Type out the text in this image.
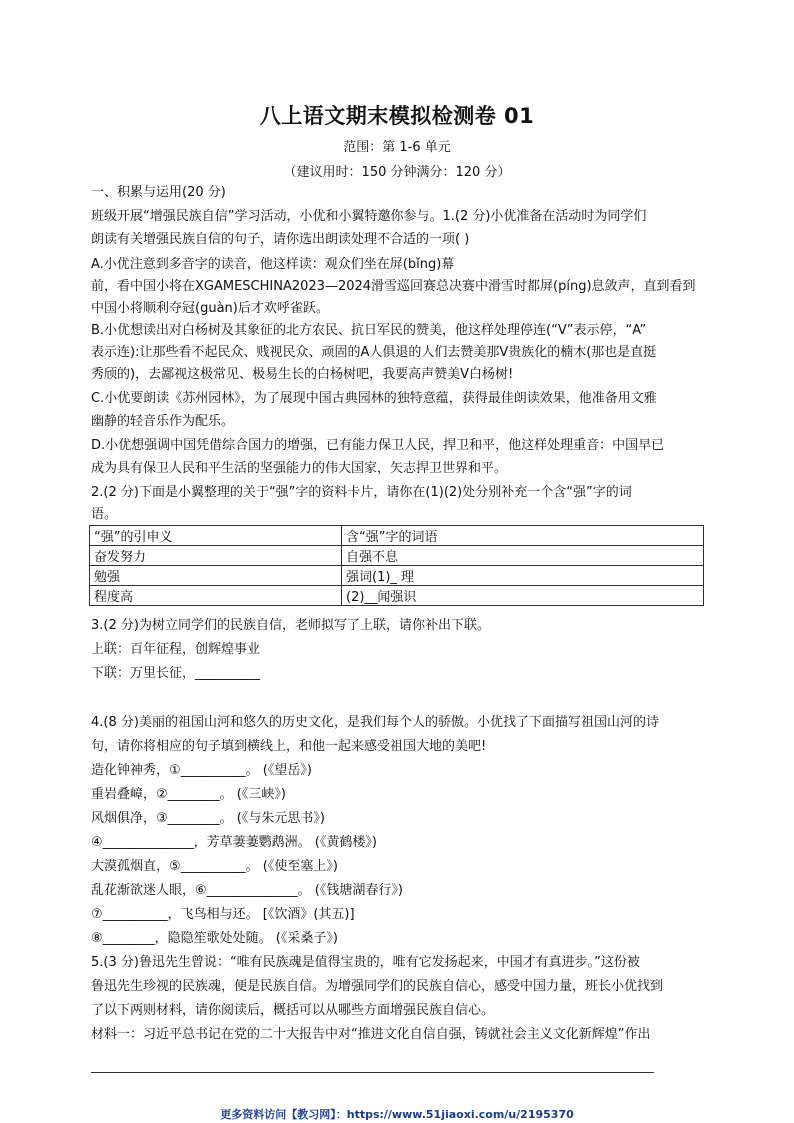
八上语文期末模拟检测卷 01
范围：第 1-6 单元
（建议用时：150 分钟满分：120 分）
一、积累与运用(20 分)
班级开展“增强民族自信”学习活动，小优和小翼特邀你参与。1.(2 分)小优准备在活动时为同学们
朗读有关增强民族自信的句子，请你选出朗读处理不合适的一项( )
A.小优注意到多音字的读音，他这样读：观众们坐在屏(bǐng)幕
前，看中国小将在XGAMESCHINA2023—2024滑雪巡回赛总决赛中滑雪时都屏(píng)息敛声，直到看到
中国小将顺利夺冠(guàn)后才欢呼雀跃。
B.小优想读出对白杨树及其象征的北方农民、抗日军民的赞美，他这样处理停连(“V”表示停，“A”
表示连):让那些看不起民众、贱视民众、顽固的A人俱退的人们去赞美那V贵族化的楠木(那也是直挺
秀颀的)，去鄙视这极常见、极易生长的白杨树吧，我要高声赞美V白杨树!
C.小优要朗读《苏州园林》，为了展现中国古典园林的独特意蕴，获得最佳朗读效果，他准备用文雅
幽静的轻音乐作为配乐。
D.小优想强调中国凭借综合国力的增强，已有能力保卫人民，捍卫和平，他这样处理重音：中国早已
成为具有保卫人民和平生活的坚强能力的伟大国家，矢志捍卫世界和平。
2.(2 分)下面是小翼整理的关于“强”字的资料卡片，请你在(1)(2)处分别补充一个含“强”字的词
语。
“强”的引申义	含“强”字的词语
奋发努力	自强不息
勉强	强词(1)_ 理
程度高	(2)__闻强识
3.(2 分)为树立同学们的民族自信，老师拟写了上联，请你补出下联。
上联：百年征程，创辉煌事业
下联：万里长征，__________
4.(8 分)美丽的祖国山河和悠久的历史文化，是我们每个人的骄傲。小优找了下面描写祖国山河的诗
句，请你将相应的句子填到横线上，和他一起来感受祖国大地的美吧!
造化钟神秀，①__________。 (《望岳》)
重岩叠嶂，②________。 (《三峡》)
风烟俱净，③________。 (《与朱元思书》)
④______________，芳草萋萋鹦鹉洲。 (《黄鹤楼》)
大漠孤烟直，⑤__________。 (《使至塞上》)
乱花渐欲迷人眼，⑥______________。 (《钱塘湖春行》)
⑦__________，飞鸟相与还。 [《饮酒》(其五)]
⑧________，隐隐笙歌处处随。 (《采桑子》)
5.(3 分)鲁迅先生曾说：“唯有民族魂是值得宝贵的，唯有它发扬起来，中国才有真进步。”这份被
鲁迅先生珍视的民族魂，便是民族自信。为增强同学们的民族自信心，感受中国力量，班长小优找到
了以下两则材料，请你阅读后，概括可以从哪些方面增强民族自信心。
材料一：习近平总书记在党的二十大报告中对“推进文化自信自强，铸就社会主义文化新辉煌”作出
更多资料访问【教习网】：https://www.51jiaoxi.com/u/2195370
